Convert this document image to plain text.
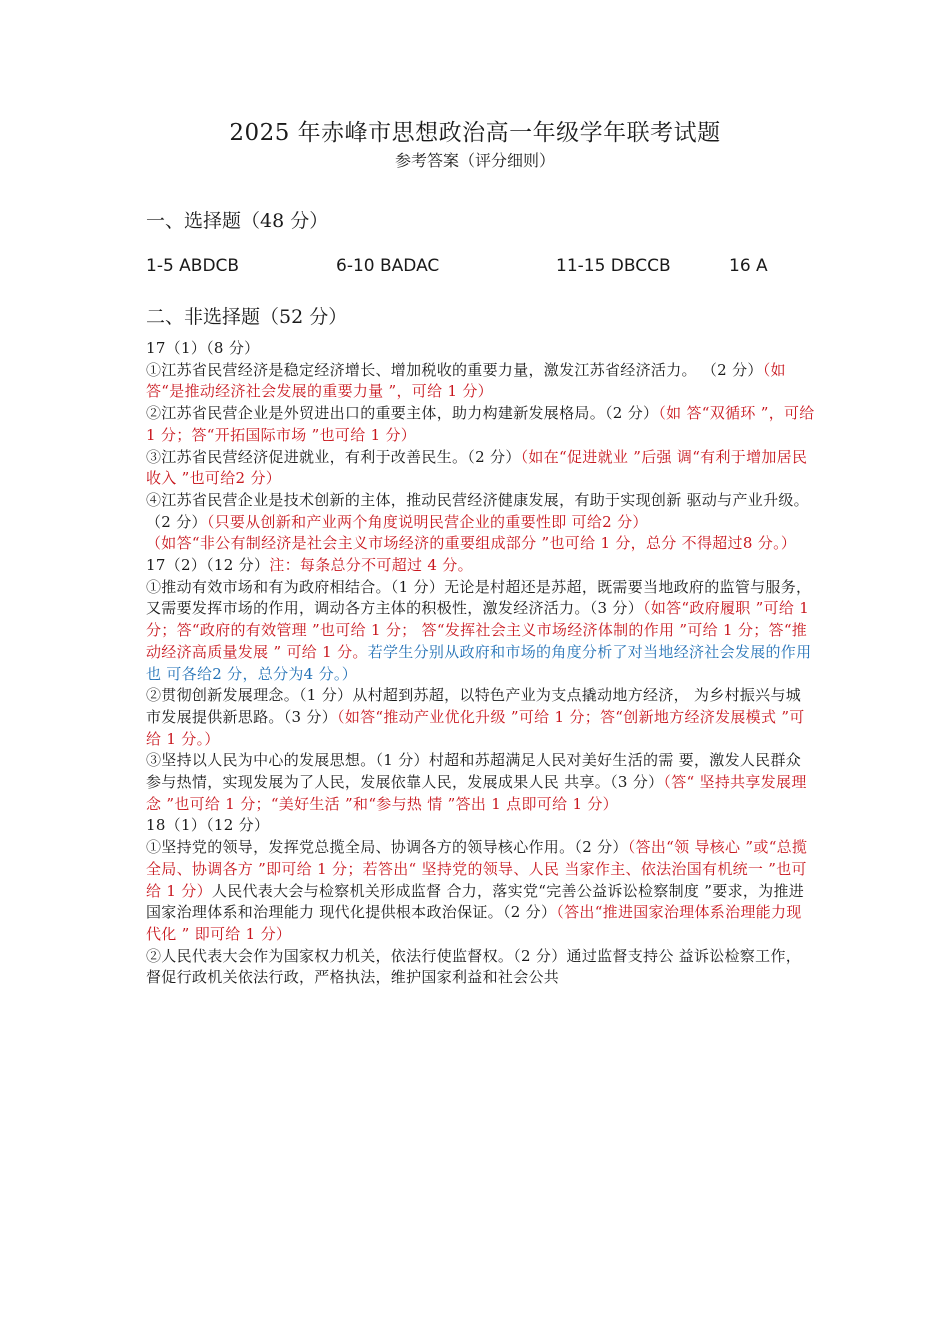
2025 年赤峰市思想政治高一年级学年联考试题
参考答案（评分细则）
一、选择题（48 分）
1-5 ABDCB	6-10 BADAC	11-15 DBCCB	16 A
二、非选择题（52 分）

17（1）（8 分）

①江苏省民营经济是稳定经济增长、增加税收的重要力量，激发江苏省经济活力。 （2 分）（如答“是推动经济社会发展的重要力量 ”，可给 1 分）

②江苏省民营企业是外贸进出口的重要主体，助力构建新发展格局。（2 分）（如 答“双循环 ”，可给 1 分；答“开拓国际市场 ”也可给 1 分）

③江苏省民营经济促进就业，有利于改善民生。（2 分）（如在“促进就业 ”后强 调“有利于增加居民收入 ”也可给2 分）

④江苏省民营企业是技术创新的主体，推动民营经济健康发展，有助于实现创新 驱动与产业升级。（2 分）（只要从创新和产业两个角度说明民营企业的重要性即 可给2 分）

（如答“非公有制经济是社会主义市场经济的重要组成部分 ”也可给 1 分，总分 不得超过8 分。）

17（2）（12 分）注：每条总分不可超过 4 分。

①推动有效市场和有为政府相结合。（1 分）无论是村超还是苏超，既需要当地政府的监管与服务，又需要发挥市场的作用，调动各方主体的积极性，激发经济活力。（3 分）（如答“政府履职 ”可给 1 分；答“政府的有效管理 ”也可给 1 分； 答“发挥社会主义市场经济体制的作用 ”可给 1 分；答“推动经济高质量发展 ” 可给 1 分。若学生分别从政府和市场的角度分析了对当地经济社会发展的作用也 可各给2 分，总分为4 分。）

②贯彻创新发展理念。（1 分）从村超到苏超，以特色产业为支点撬动地方经济， 为乡村振兴与城市发展提供新思路。（3 分）（如答“推动产业优化升级 ”可给 1 分；答“创新地方经济发展模式 ”可给 1 分。）

③坚持以人民为中心的发展思想。（1 分）村超和苏超满足人民对美好生活的需 要，激发人民群众参与热情，实现发展为了人民，发展依靠人民，发展成果人民 共享。（3 分）（答“ 坚持共享发展理念 ”也可给 1 分；“美好生活 ”和“参与热 情 ”答出 1 点即可给 1 分）

18（1）（12 分）

①坚持党的领导，发挥党总揽全局、协调各方的领导核心作用。（2 分）（答出“领 导核心 ”或“总揽全局、协调各方 ”即可给 1 分；若答出“ 坚持党的领导、人民 当家作主、依法治国有机统一 ”也可给 1 分）人民代表大会与检察机关形成监督 合力，落实党“完善公益诉讼检察制度 ”要求，为推进国家治理体系和治理能力 现代化提供根本政治保证。（2 分）（答出“推进国家治理体系治理能力现代化 ” 即可给 1 分）

②人民代表大会作为国家权力机关，依法行使监督权。（2 分）通过监督支持公 益诉讼检察工作，督促行政机关依法行政，严格执法，维护国家利益和社会公共
